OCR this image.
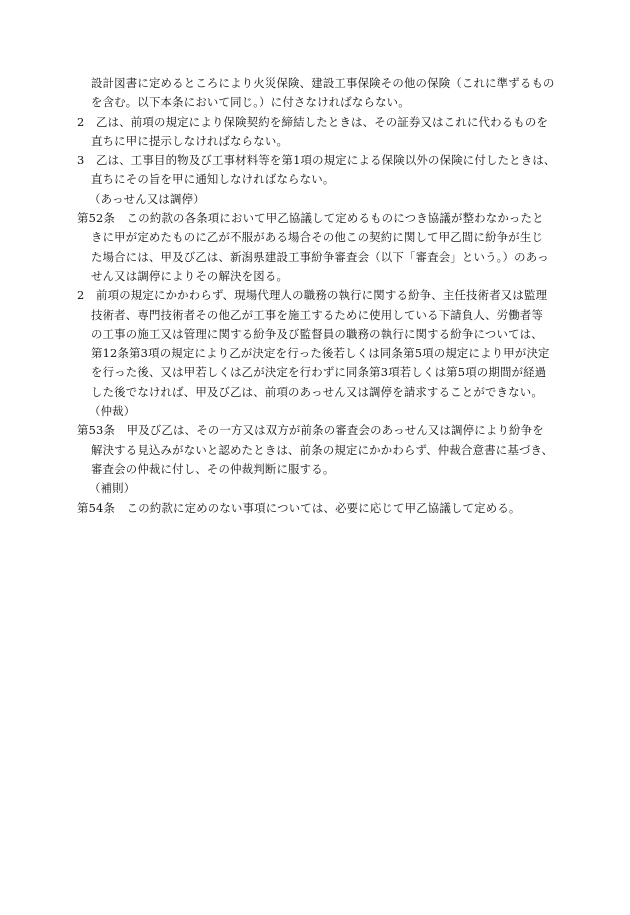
設計図書に定めるところにより火災保険、建設工事保険その他の保険（これに準ずるもの
を含む。以下本条において同じ。）に付さなければならない。
2　乙は、前項の規定により保険契約を締結したときは、その証券又はこれに代わるものを
直ちに甲に提示しなければならない。
3　乙は、工事目的物及び工事材料等を第1項の規定による保険以外の保険に付したときは、
直ちにその旨を甲に通知しなければならない。
（あっせん又は調停）
第52条　この約款の各条項において甲乙協議して定めるものにつき協議が整わなかったと
きに甲が定めたものに乙が不服がある場合その他この契約に関して甲乙間に紛争が生じ
た場合には、甲及び乙は、新潟県建設工事紛争審査会（以下「審査会」という。）のあっ
せん又は調停によりその解決を図る。
2　前項の規定にかかわらず、現場代理人の職務の執行に関する紛争、主任技術者又は監理
技術者、専門技術者その他乙が工事を施工するために使用している下請負人、労働者等
の工事の施工又は管理に関する紛争及び監督員の職務の執行に関する紛争については、
第12条第3項の規定により乙が決定を行った後若しくは同条第5項の規定により甲が決定
を行った後、又は甲若しくは乙が決定を行わずに同条第3項若しくは第5項の期間が経過
した後でなければ、甲及び乙は、前項のあっせん又は調停を請求することができない。
（仲裁）
第53条　甲及び乙は、その一方又は双方が前条の審査会のあっせん又は調停により紛争を
解決する見込みがないと認めたときは、前条の規定にかかわらず、仲裁合意書に基づき、
審査会の仲裁に付し、その仲裁判断に服する。
（補則）
第54条　この約款に定めのない事項については、必要に応じて甲乙協議して定める。
